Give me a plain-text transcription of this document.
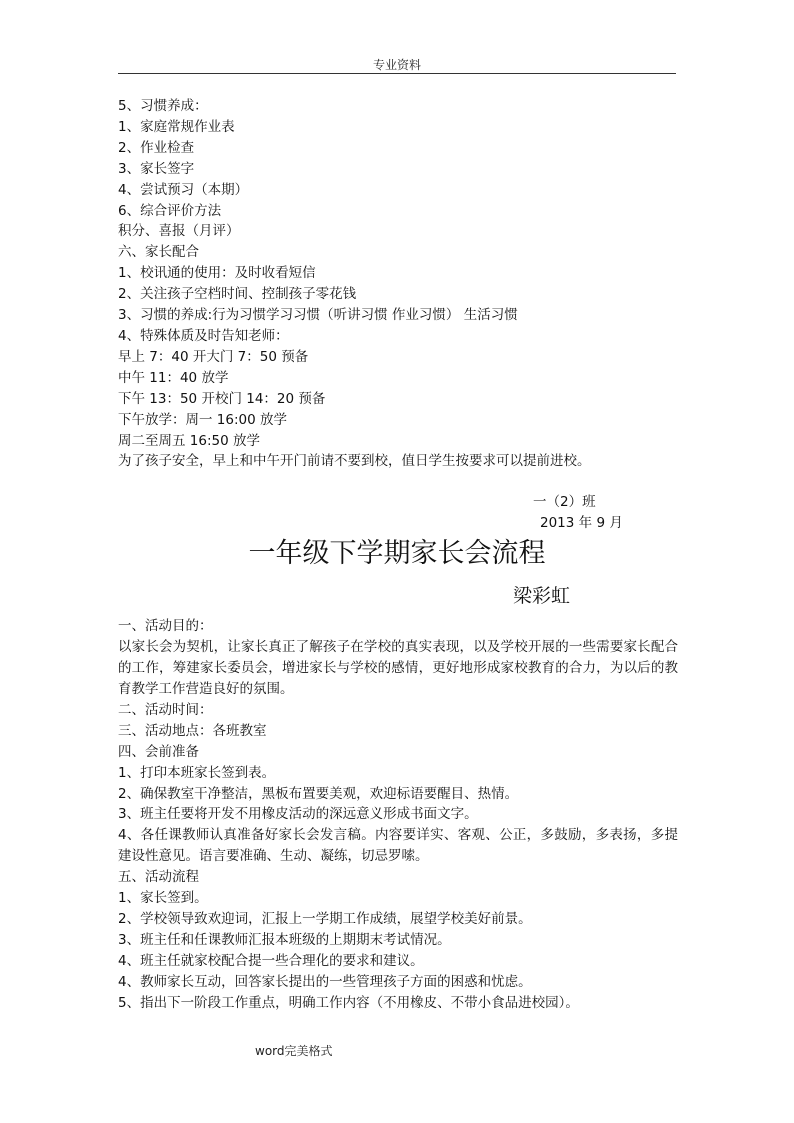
专业资料
5、习惯养成：
1、家庭常规作业表
2、作业检查
3、家长签字
4、尝试预习（本期）
6、综合评价方法
积分、喜报（月评）
六、家长配合
1、校讯通的使用：及时收看短信
2、关注孩子空档时间、控制孩子零花钱
3、习惯的养成:行为习惯学习习惯（听讲习惯 作业习惯） 生活习惯
4、特殊体质及时告知老师：
早上 7：40 开大门 7：50 预备
中午 11：40 放学
下午 13：50 开校门 14：20 预备
下午放学：周一 16:00 放学
周二至周五 16:50 放学
为了孩子安全，早上和中午开门前请不要到校，值日学生按要求可以提前进校。
一（2）班
2013 年 9 月
一年级下学期家长会流程
梁彩虹
一、活动目的：
以家长会为契机，让家长真正了解孩子在学校的真实表现，以及学校开展的一些需要家长配合的工作，筹建家长委员会，增进家长与学校的感情，更好地形成家校教育的合力，为以后的教育教学工作营造良好的氛围。
二、活动时间：
三、活动地点：各班教室
四、会前准备
1、打印本班家长签到表。
2、确保教室干净整洁，黑板布置要美观，欢迎标语要醒目、热情。
3、班主任要将开发不用橡皮活动的深远意义形成书面文字。
4、各任课教师认真准备好家长会发言稿。内容要详实、客观、公正，多鼓励，多表扬，多提建设性意见。语言要准确、生动、凝练，切忌罗嗦。
五、活动流程
1、家长签到。
2、学校领导致欢迎词，汇报上一学期工作成绩，展望学校美好前景。
3、班主任和任课教师汇报本班级的上期期末考试情况。
4、班主任就家校配合提一些合理化的要求和建议。
4、教师家长互动，回答家长提出的一些管理孩子方面的困惑和忧虑。
5、指出下一阶段工作重点，明确工作内容（不用橡皮、不带小食品进校园）。
word完美格式
